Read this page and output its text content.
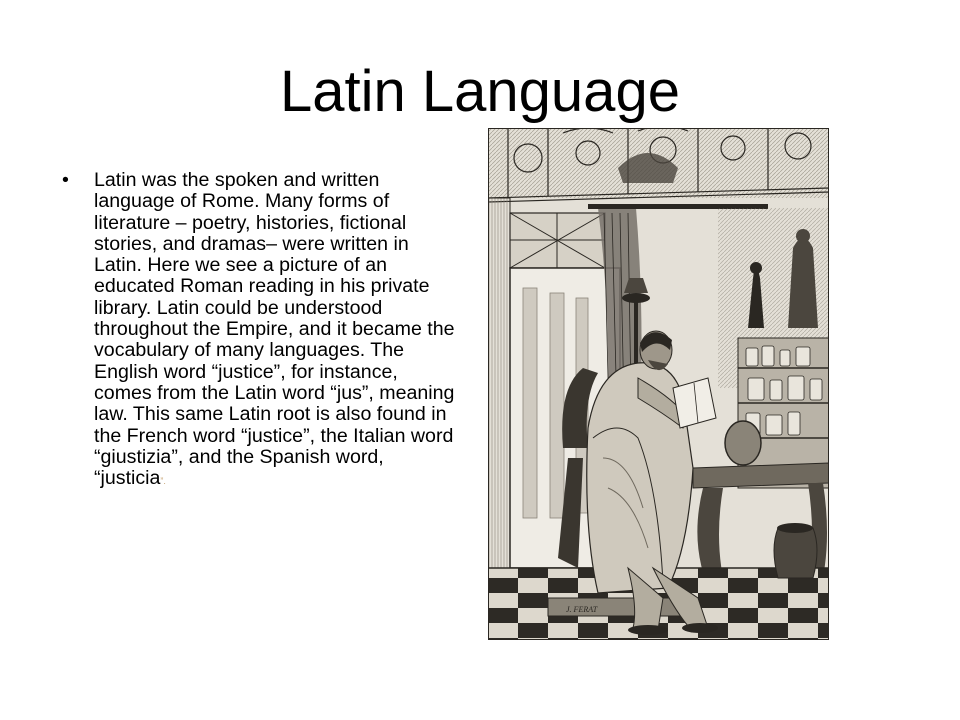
Latin Language
• Latin was the spoken and written language of Rome. Many forms of literature – poetry, histories, fictional stories, and dramas– were written in Latin. Here we see a picture of an educated Roman reading in his private library. Latin could be understood throughout the Empire, and it became the vocabulary of many languages. The English word “justice”, for instance, comes from the Latin word “jus”, meaning law. This same Latin root is also found in the French word “justice”, the Italian word “giustizia”, and the Spanish word, “justicia”.
J. FERAT
